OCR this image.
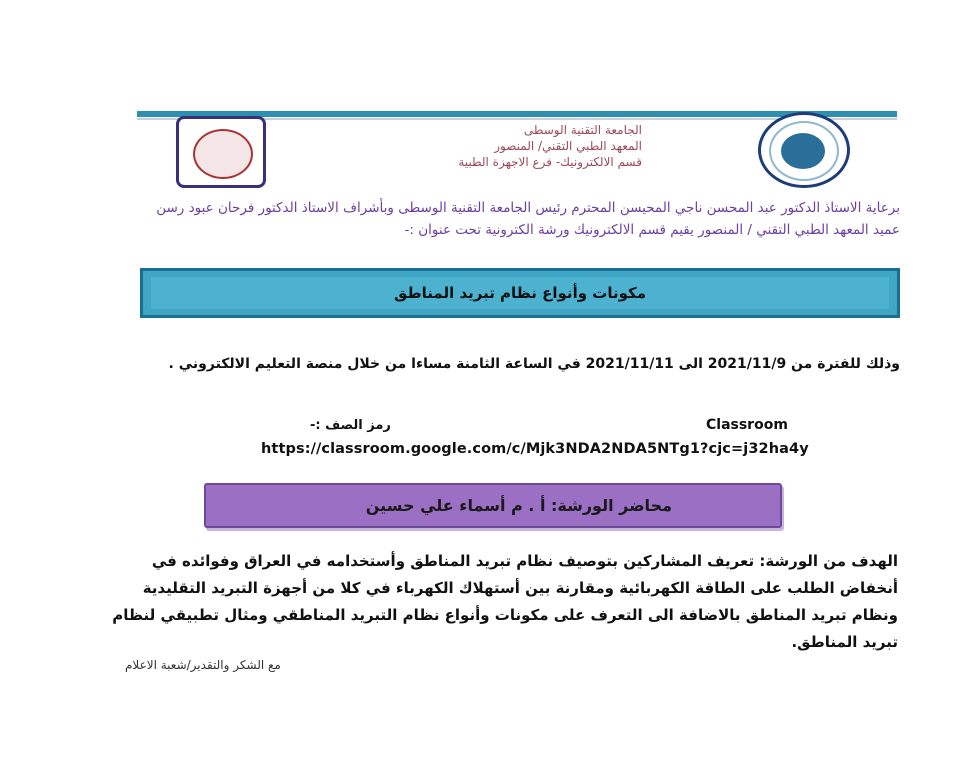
الجامعة التقنية الوسطى
المعهد الطبي التقني/ المنصور
قسم الالكترونيك- فرع الاجهزة الطبية
برعاية الاستاذ الدكتور عبد المحسن ناجي المحيسن المحترم رئيس الجامعة التقنية الوسطى وبأشراف الاستاذ الدكتور فرحان عبود رسن عميد المعهد الطبي التقني / المنصور يقيم قسم الالكترونيك ورشة الكترونية تحت عنوان :-
مكونات وأنواع نظام تبريد المناطق
وذلك للفترة من 2021/11/9 الى 2021/11/11 في الساعة الثامنة مساءا من خلال منصة التعليم الالكتروني .
رمز الصف :-	Classroom
https://classroom.google.com/c/Mjk3NDA2NDA5NTg1?cjc=j32ha4y
محاضر الورشة: أ . م أسماء علي حسين
الهدف من الورشة: تعريف المشاركين بتوصيف نظام تبريد المناطق وأستخدامه في العراق وفوائده في أنخفاض الطلب على الطاقة الكهربائية ومقارنة بين أستهلاك الكهرباء في كلا من أجهزة التبريد التقليدية ونظام تبريد المناطق بالاضافة الى التعرف على مكونات وأنواع نظام التبريد المناطقي ومثال تطبيقي لنظام تبريد المناطق.
مع الشكر والتقدير/شعبة الاعلام
